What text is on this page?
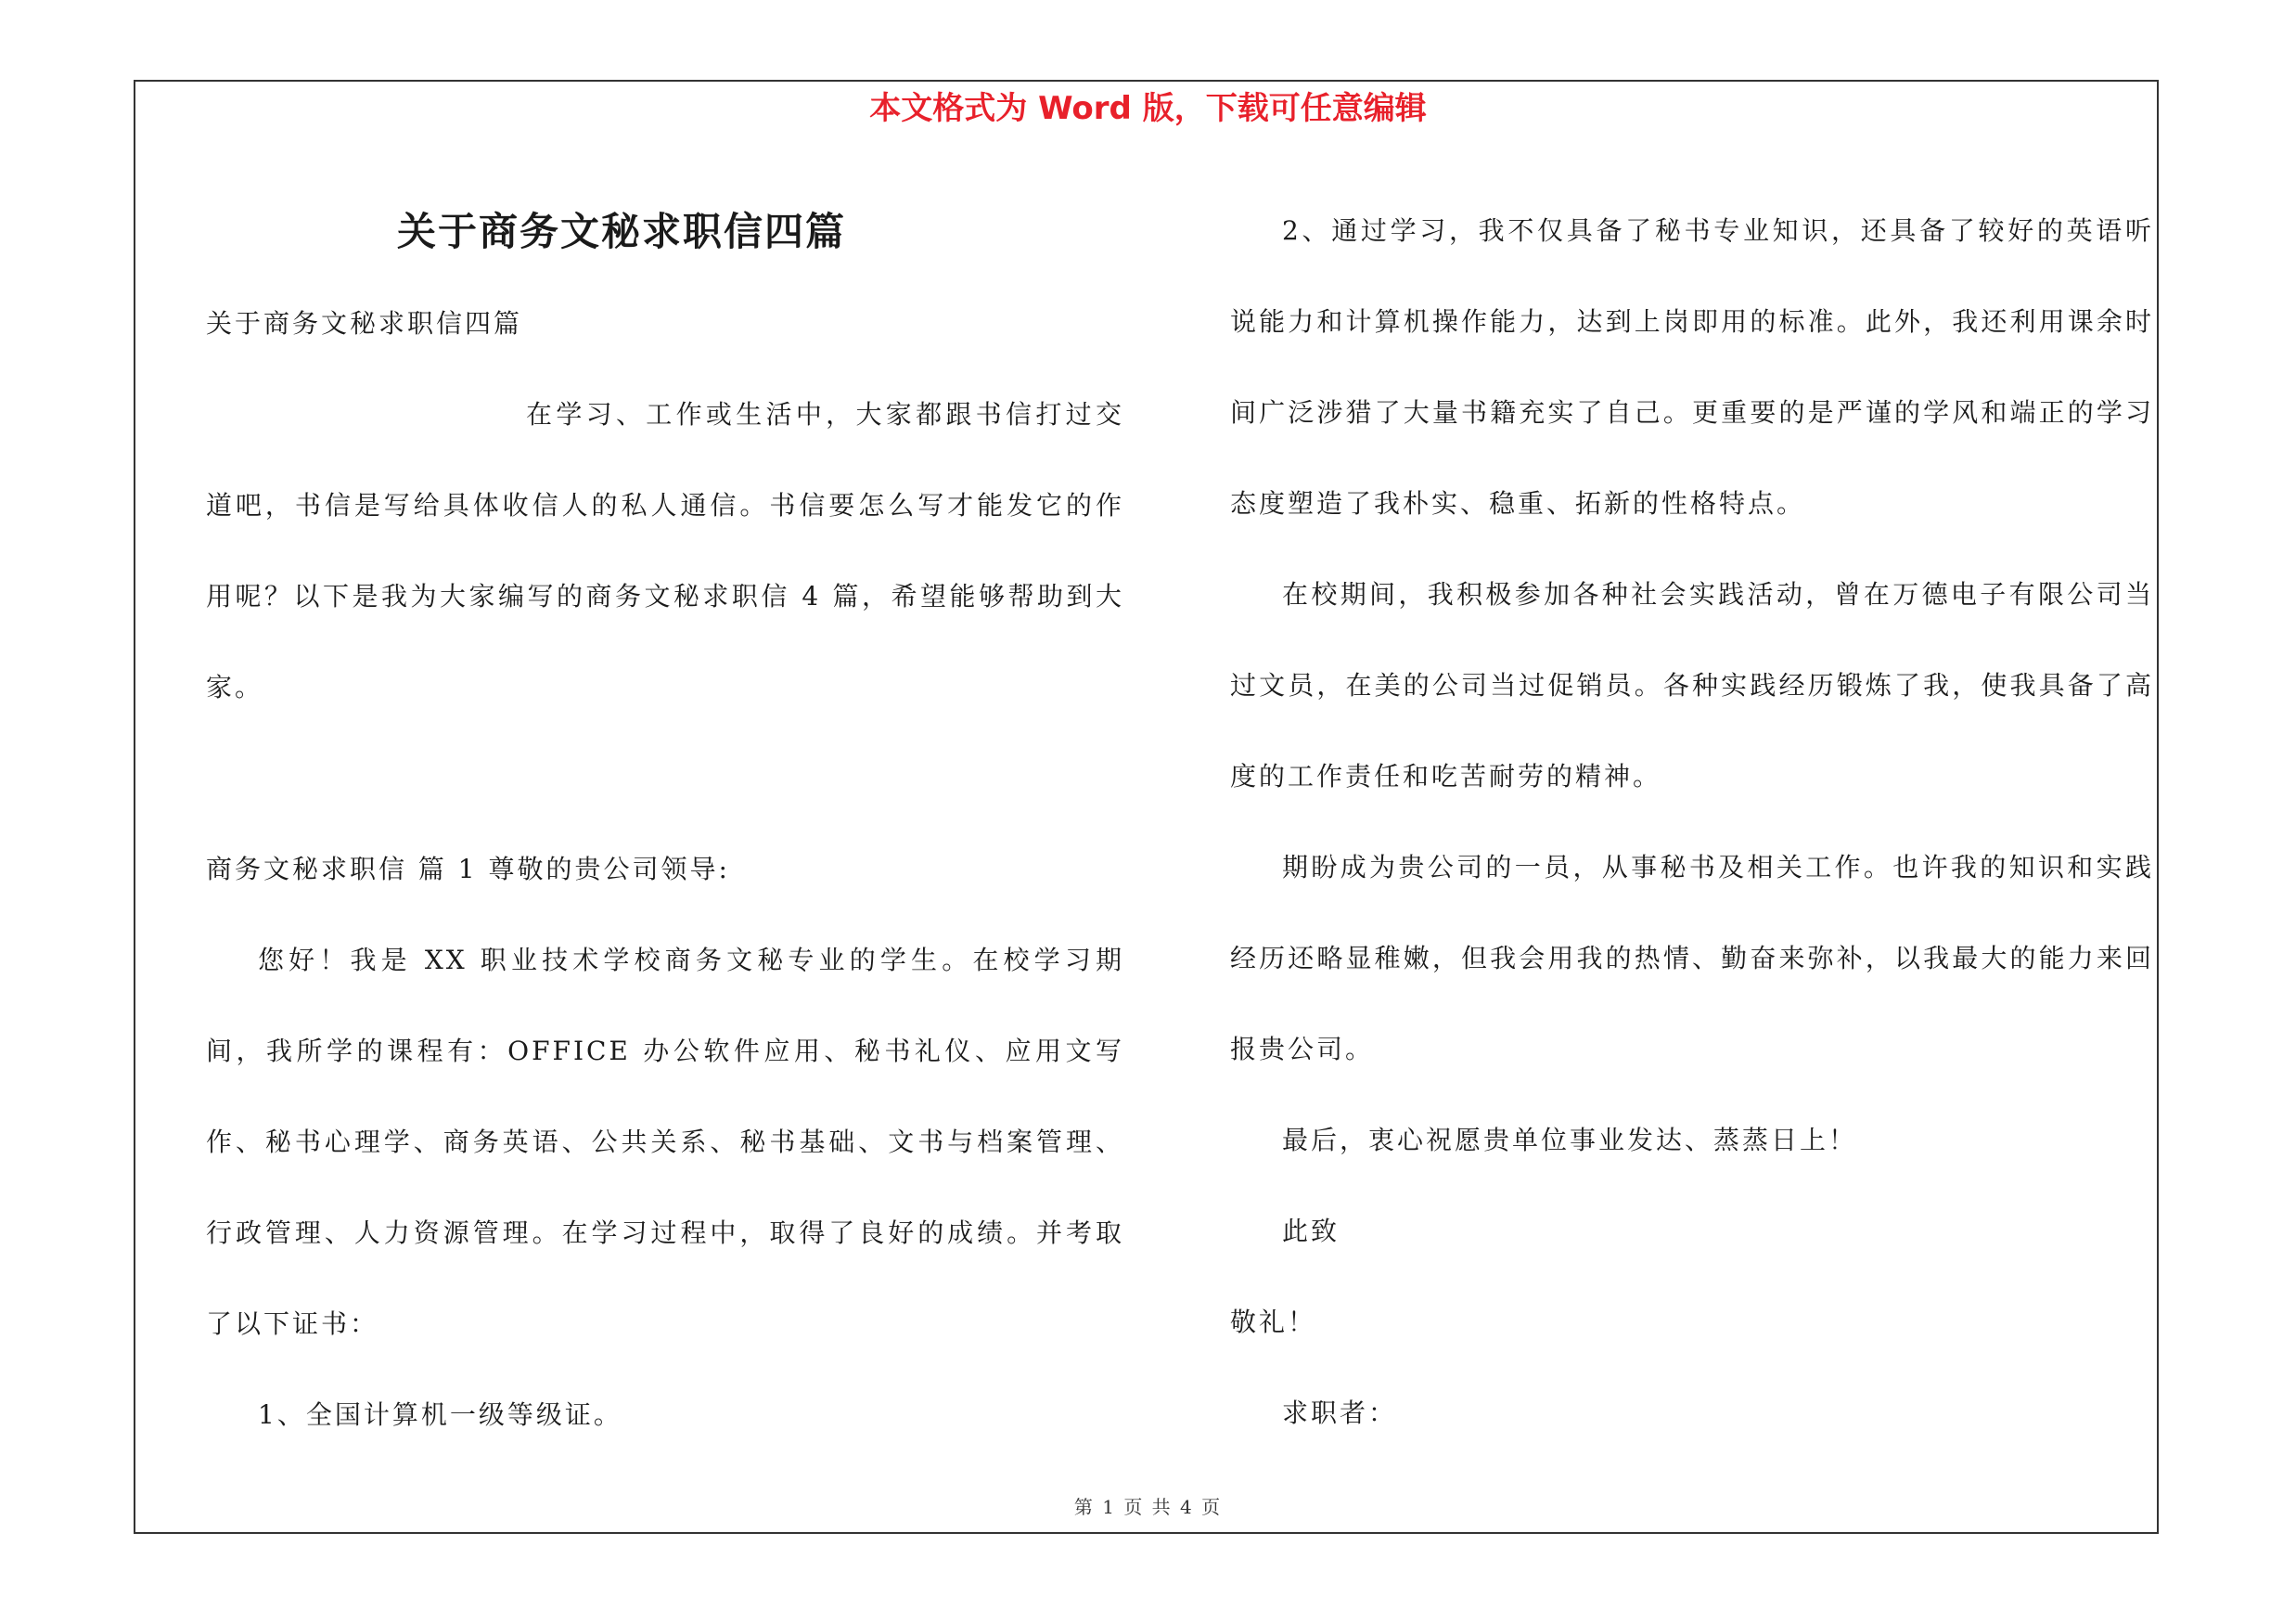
本文格式为 Word 版，下载可任意编辑
关于商务文秘求职信四篇

关于商务文秘求职信四篇

在学习、工作或生活中，大家都跟书信打过交道吧，书信是写给具体收信人的私人通信。书信要怎么写才能发它的作用呢？以下是我为大家编写的商务文秘求职信 4 篇，希望能够帮助到大家。

商务文秘求职信 篇 1 尊敬的贵公司领导:

您好！我是 XX 职业技术学校商务文秘专业的学生。在校学习期间，我所学的课程有：OFFICE 办公软件应用、秘书礼仪、应用文写作、秘书心理学、商务英语、公共关系、秘书基础、文书与档案管理、行政管理、人力资源管理。在学习过程中，取得了良好的成绩。并考取了以下证书：

1、全国计算机一级等级证。

2、通过学习，我不仅具备了秘书专业知识，还具备了较好的英语听说能力和计算机操作能力，达到上岗即用的标准。此外，我还利用课余时间广泛涉猎了大量书籍充实了自己。更重要的是严谨的学风和端正的学习态度塑造了我朴实、稳重、拓新的性格特点。

在校期间，我积极参加各种社会实践活动，曾在万德电子有限公司当过文员，在美的公司当过促销员。各种实践经历锻炼了我，使我具备了高度的工作责任和吃苦耐劳的精神。

期盼成为贵公司的一员，从事秘书及相关工作。也许我的知识和实践经历还略显稚嫩，但我会用我的热情、勤奋来弥补，以我最大的能力来回报贵公司。

最后，衷心祝愿贵单位事业发达、蒸蒸日上！

此致

敬礼！

求职者：

第 1 页 共 4 页
